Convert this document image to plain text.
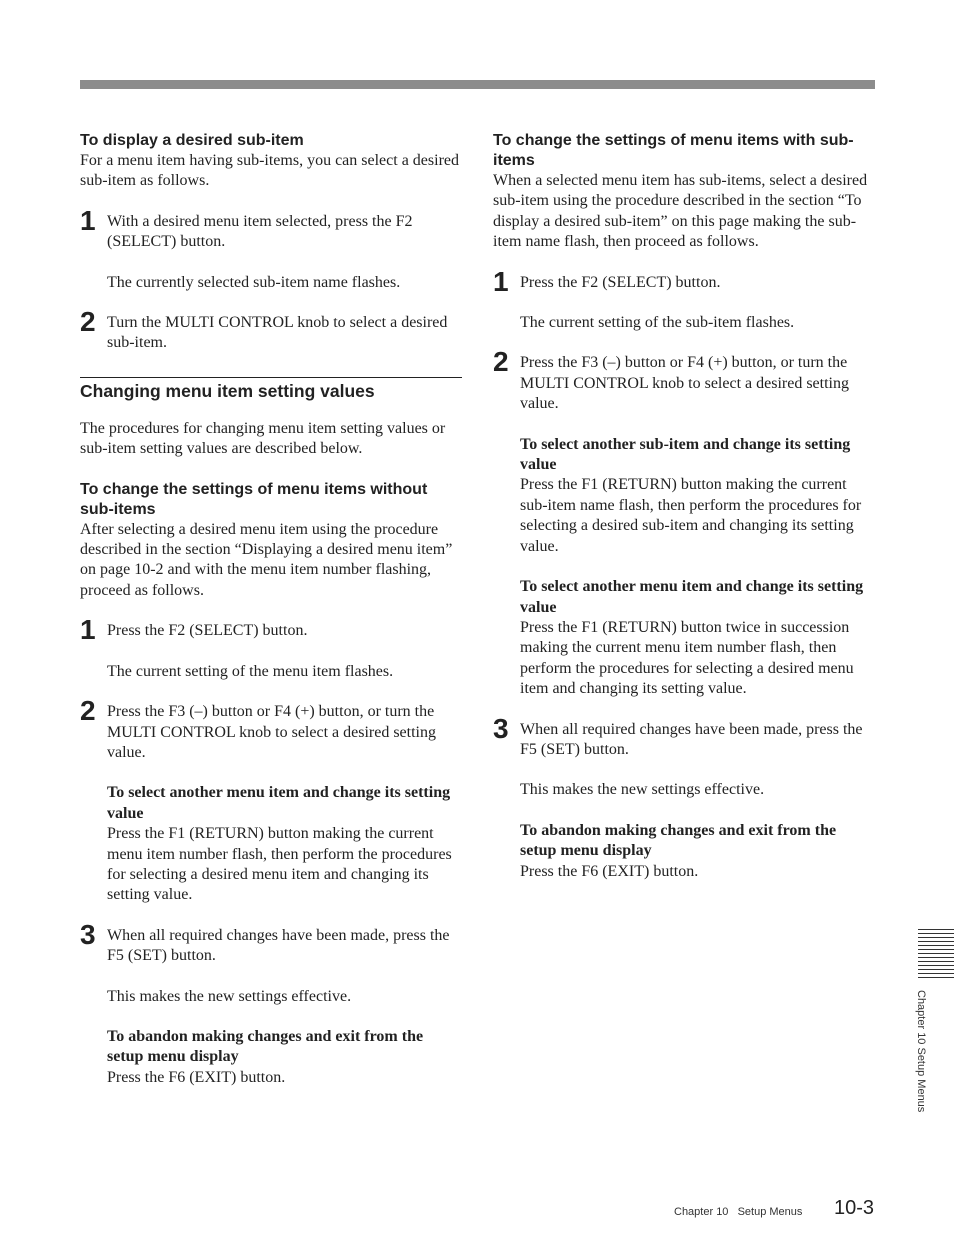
To display a desired sub-item

For a menu item having sub-items, you can select a desired sub-item as follows.

1 With a desired menu item selected, press the F2 (SELECT) button.

The currently selected sub-item name flashes.

2 Turn the MULTI CONTROL knob to select a desired sub-item.

Changing menu item setting values

The procedures for changing menu item setting values or sub-item setting values are described below.

To change the settings of menu items without sub-items

After selecting a desired menu item using the procedure described in the section “Displaying a desired menu item” on page 10-2 and with the menu item number flashing, proceed as follows.

1 Press the F2 (SELECT) button.

The current setting of the menu item flashes.

2 Press the F3 (–) button or F4 (+) button, or turn the MULTI CONTROL knob to select a desired setting value.

To select another menu item and change its setting value

Press the F1 (RETURN) button making the current menu item number flash, then perform the procedures for selecting a desired menu item and changing its setting value.

3 When all required changes have been made, press the F5 (SET) button.

This makes the new settings effective.

To abandon making changes and exit from the setup menu display

Press the F6 (EXIT) button.

To change the settings of menu items with sub-items

When a selected menu item has sub-items, select a desired sub-item using the procedure described in the section “To display a desired sub-item” on this page making the sub-item name flash, then proceed as follows.

1 Press the F2 (SELECT) button.

The current setting of the sub-item flashes.

2 Press the F3 (–) button or F4 (+) button, or turn the MULTI CONTROL knob to select a desired setting value.

To select another sub-item and change its setting value

Press the F1 (RETURN) button making the current sub-item name flash, then perform the procedures for selecting a desired sub-item and changing its setting value.

To select another menu item and change its setting value

Press the F1 (RETURN) button twice in succession making the current menu item number flash, then perform the procedures for selecting a desired menu item and changing its setting value.

3 When all required changes have been made, press the F5 (SET) button.

This makes the new settings effective.

To abandon making changes and exit from the setup menu display

Press the F6 (EXIT) button.

Chapter 10 Setup Menus
Chapter 10   Setup Menus 10-3
